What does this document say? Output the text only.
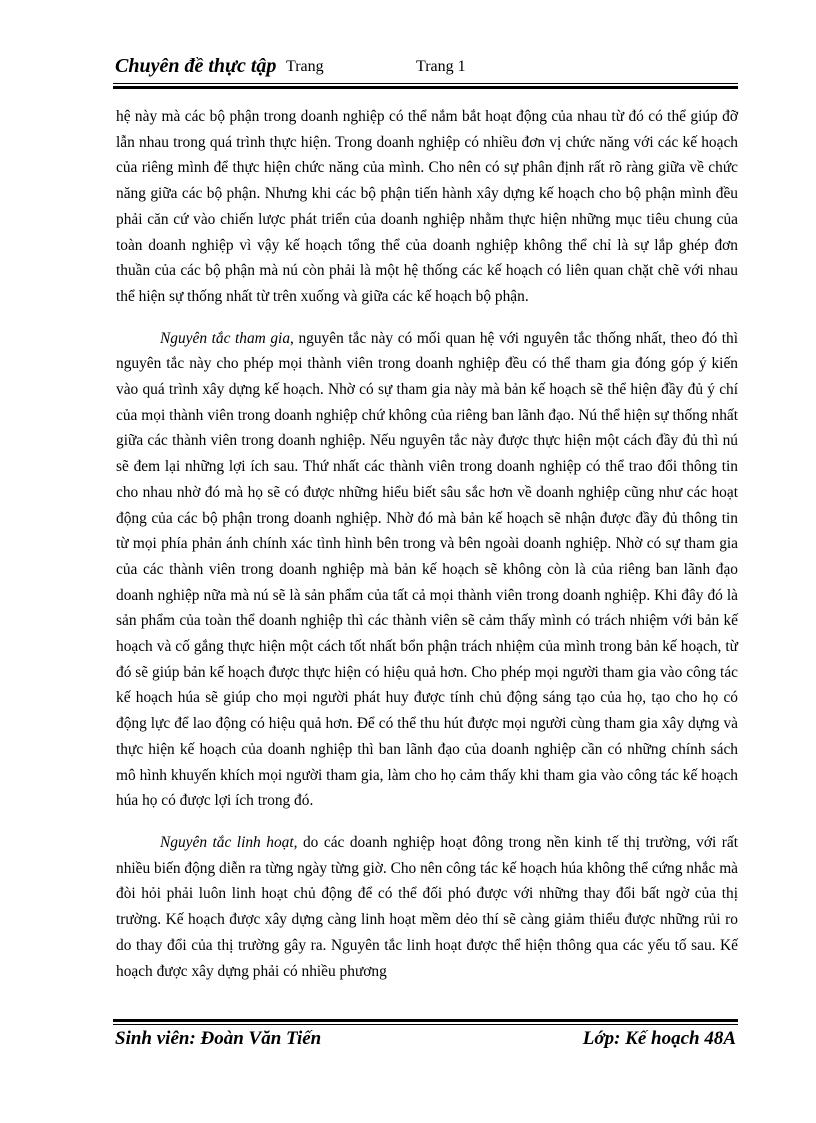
Chuyên đề thực tập Trang	Trang 1

hệ này mà các bộ phận trong doanh nghiệp có thể nắm bắt hoạt động của nhau từ đó có thể giúp đỡ lẫn nhau trong quá trình thực hiện. Trong doanh nghiệp có nhiều đơn vị chức năng với các kế hoạch của riêng mình để thực hiện chức năng của mình. Cho nên có sự phân định rất rõ ràng giữa về chức năng giữa các bộ phận. Nhưng khi các bộ phận tiến hành xây dựng kế hoạch cho bộ phận mình đều phải căn cứ vào chiến lược phát triển của doanh nghiệp nhằm thực hiện những mục tiêu chung của toàn doanh nghiệp vì vậy kế hoạch tổng thể của doanh nghiệp không thể chỉ là sự lắp ghép đơn thuần của các bộ phận mà nú còn phải là một hệ thống các kế hoạch có liên quan chặt chẽ với nhau thể hiện sự thống nhất từ trên xuống và giữa các kế hoạch bộ phận.

Nguyên tắc tham gia, nguyên tắc này có mối quan hệ với nguyên tắc thống nhất, theo đó thì nguyên tắc này cho phép mọi thành viên trong doanh nghiệp đều có thể tham gia đóng góp ý kiến vào quá trình xây dựng kế hoạch. Nhờ có sự tham gia này mà bản kế hoạch sẽ thể hiện đầy đủ ý chí của mọi thành viên trong doanh nghiệp chứ không của riêng ban lãnh đạo. Nú thể hiện sự thống nhất giữa các thành viên trong doanh nghiệp. Nếu nguyên tắc này được thực hiện một cách đầy đủ thì nú sẽ đem lại những lợi ích sau. Thứ nhất các thành viên trong doanh nghiệp có thể trao đổi thông tin cho nhau nhờ đó mà họ sẽ có được những hiểu biết sâu sắc hơn về doanh nghiệp cũng như các hoạt động của các bộ phận trong doanh nghiệp. Nhờ đó mà bản kế hoạch sẽ nhận được đầy đủ thông tin từ mọi phía phản ánh chính xác tình hình bên trong và bên ngoài doanh nghiệp. Nhờ có sự tham gia của các thành viên trong doanh nghiệp mà bản kế hoạch sẽ không còn là của riêng ban lãnh đạo doanh nghiệp nữa mà nú sẽ là sản phẩm của tất cả mọi thành viên trong doanh nghiệp. Khi đây đó là sản phẩm của toàn thể doanh nghiệp thì các thành viên sẽ cảm thấy mình có trách nhiệm với bản kế hoạch và cố gắng thực hiện một cách tốt nhất bổn phận trách nhiệm của mình trong bản kế hoạch, từ đó sẽ giúp bản kế hoạch được thực hiện có hiệu quả hơn. Cho phép mọi người tham gia vào công tác kế hoạch húa sẽ giúp cho mọi người phát huy được tính chủ động sáng tạo của họ, tạo cho họ có động lực để lao động có hiệu quả hơn. Để có thể thu hút được mọi người cùng tham gia xây dựng và thực hiện kế hoạch của doanh nghiệp thì ban lãnh đạo của doanh nghiệp cần có những chính sách mô hình khuyến khích mọi người tham gia, làm cho họ cảm thấy khi tham gia vào công tác kế hoạch húa họ có được lợi ích trong đó.

Nguyên tắc linh hoạt, do các doanh nghiệp hoạt đông trong nền kinh tế thị trường, với rất nhiều biến động diễn ra từng ngày từng giờ. Cho nên công tác kế hoạch húa không thể cứng nhắc mà đòi hỏi phải luôn linh hoạt chủ động để có thể đối phó được với những thay đổi bất ngờ của thị trường. Kế hoạch được xây dựng càng linh hoạt mềm dẻo thí sẽ càng giảm thiểu được những rủi ro do thay đổi của thị trường gây ra. Nguyên tắc linh hoạt được thể hiện thông qua các yếu tố sau. Kế hoạch được xây dựng phải có nhiều phương

Sinh viên: Đoàn Văn Tiến	Lớp: Kế hoạch 48A
